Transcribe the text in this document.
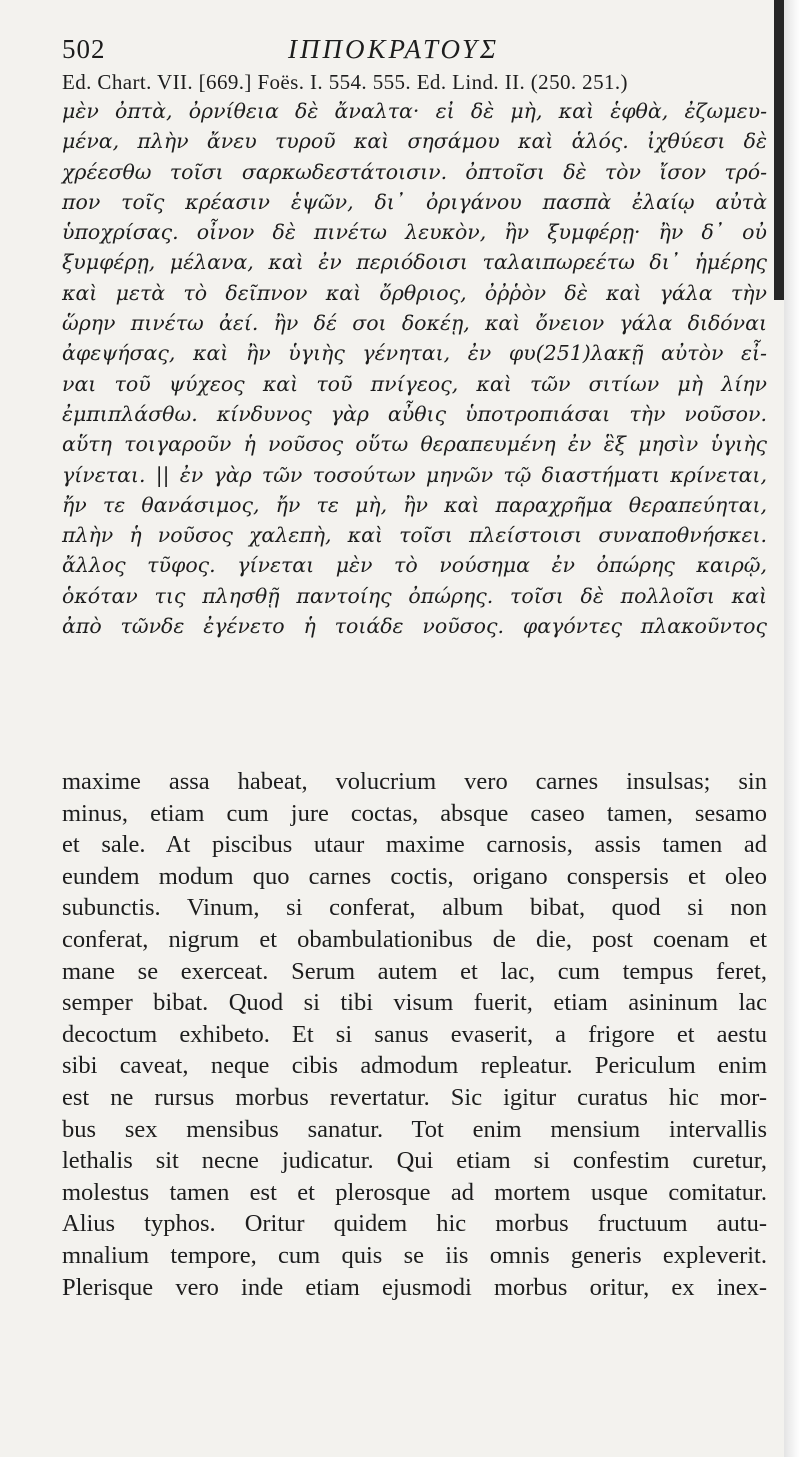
502	ΙΠΠΟΚΡΑΤΟΥΣ
Ed. Chart. VII. [669.] Foës. I. 554. 555. Ed. Lind. II. (250. 251.)
μὲν ὀπτὰ, ὀρνίθεια δὲ ἄναλτα· εἰ δὲ μὴ, καὶ ἑφθὰ, ἐζωμευ-
μένα, πλὴν ἄνευ τυροῦ καὶ σησάμου καὶ ἁλός. ἰχθύεσι δὲ
χρέεσθω τοῖσι σαρκωδεστάτοισιν. ὀπτοῖσι δὲ τὸν ἴσον τρό-
πον τοῖς κρέασιν ἑψῶν, δι᾽ ὀριγάνου πασπὰ ἐλαίῳ αὐτὰ
ὑποχρίσας. οἶνον δὲ πινέτω λευκὸν, ἢν ξυμφέρῃ· ἢν δ᾽ οὐ
ξυμφέρῃ, μέλανα, καὶ ἐν περιόδοισι ταλαιπωρεέτω δι᾽ ἡμέρης
καὶ μετὰ τὸ δεῖπνον καὶ ὄρθριος, ὀῤῥὸν δὲ καὶ γάλα τὴν
ὥρην πινέτω ἀεί. ἢν δέ σοι δοκέῃ, καὶ ὄνειον γάλα διδόναι
ἀφεψήσας, καὶ ἢν ὑγιὴς γένηται, ἐν φυ(251)λακῇ αὐτὸν εἶ-
ναι τοῦ ψύχεος καὶ τοῦ πνίγεος, καὶ τῶν σιτίων μὴ λίην
ἐμπιπλάσθω. κίνδυνος γὰρ αὖθις ὑποτροπιάσαι τὴν νοῦσον.
αὕτη τοιγαροῦν ἡ νοῦσος οὕτω θεραπευμένη ἐν ἓξ μησὶν ὑγιὴς
γίνεται. || ἐν γὰρ τῶν τοσούτων μηνῶν τῷ διαστήματι κρίνεται,
ἤν τε θανάσιμος, ἤν τε μὴ, ἢν καὶ παραχρῆμα θεραπεύηται,
πλὴν ἡ νοῦσος χαλεπὴ, καὶ τοῖσι πλείστοισι συναποθνήσκει.
ἄλλος τῦφος. γίνεται μὲν τὸ νούσημα ἐν ὀπώρης καιρῷ,
ὁκόταν τις πλησθῇ παντοίης ὀπώρης. τοῖσι δὲ πολλοῖσι καὶ
ἀπὸ τῶνδε ἐγένετο ἡ τοιάδε νοῦσος. φαγόντες πλακοῦντος
maxime assa habeat, volucrium vero carnes insulsas; sin
minus, etiam cum jure coctas, absque caseo tamen, sesamo
et sale. At piscibus utaur maxime carnosis, assis tamen ad
eundem modum quo carnes coctis, origano conspersis et oleo
subunctis. Vinum, si conferat, album bibat, quod si non
conferat, nigrum et obambulationibus de die, post coenam et
mane se exerceat. Serum autem et lac, cum tempus feret,
semper bibat. Quod si tibi visum fuerit, etiam asininum lac
decoctum exhibeto. Et si sanus evaserit, a frigore et aestu
sibi caveat, neque cibis admodum repleatur. Periculum enim
est ne rursus morbus revertatur. Sic igitur curatus hic mor-
bus sex mensibus sanatur. Tot enim mensium intervallis
lethalis sit necne judicatur. Qui etiam si confestim curetur,
molestus tamen est et plerosque ad mortem usque comitatur.
Alius typhos. Oritur quidem hic morbus fructuum autu-
mnalium tempore, cum quis se iis omnis generis expleverit.
Plerisque vero inde etiam ejusmodi morbus oritur, ex inex-
